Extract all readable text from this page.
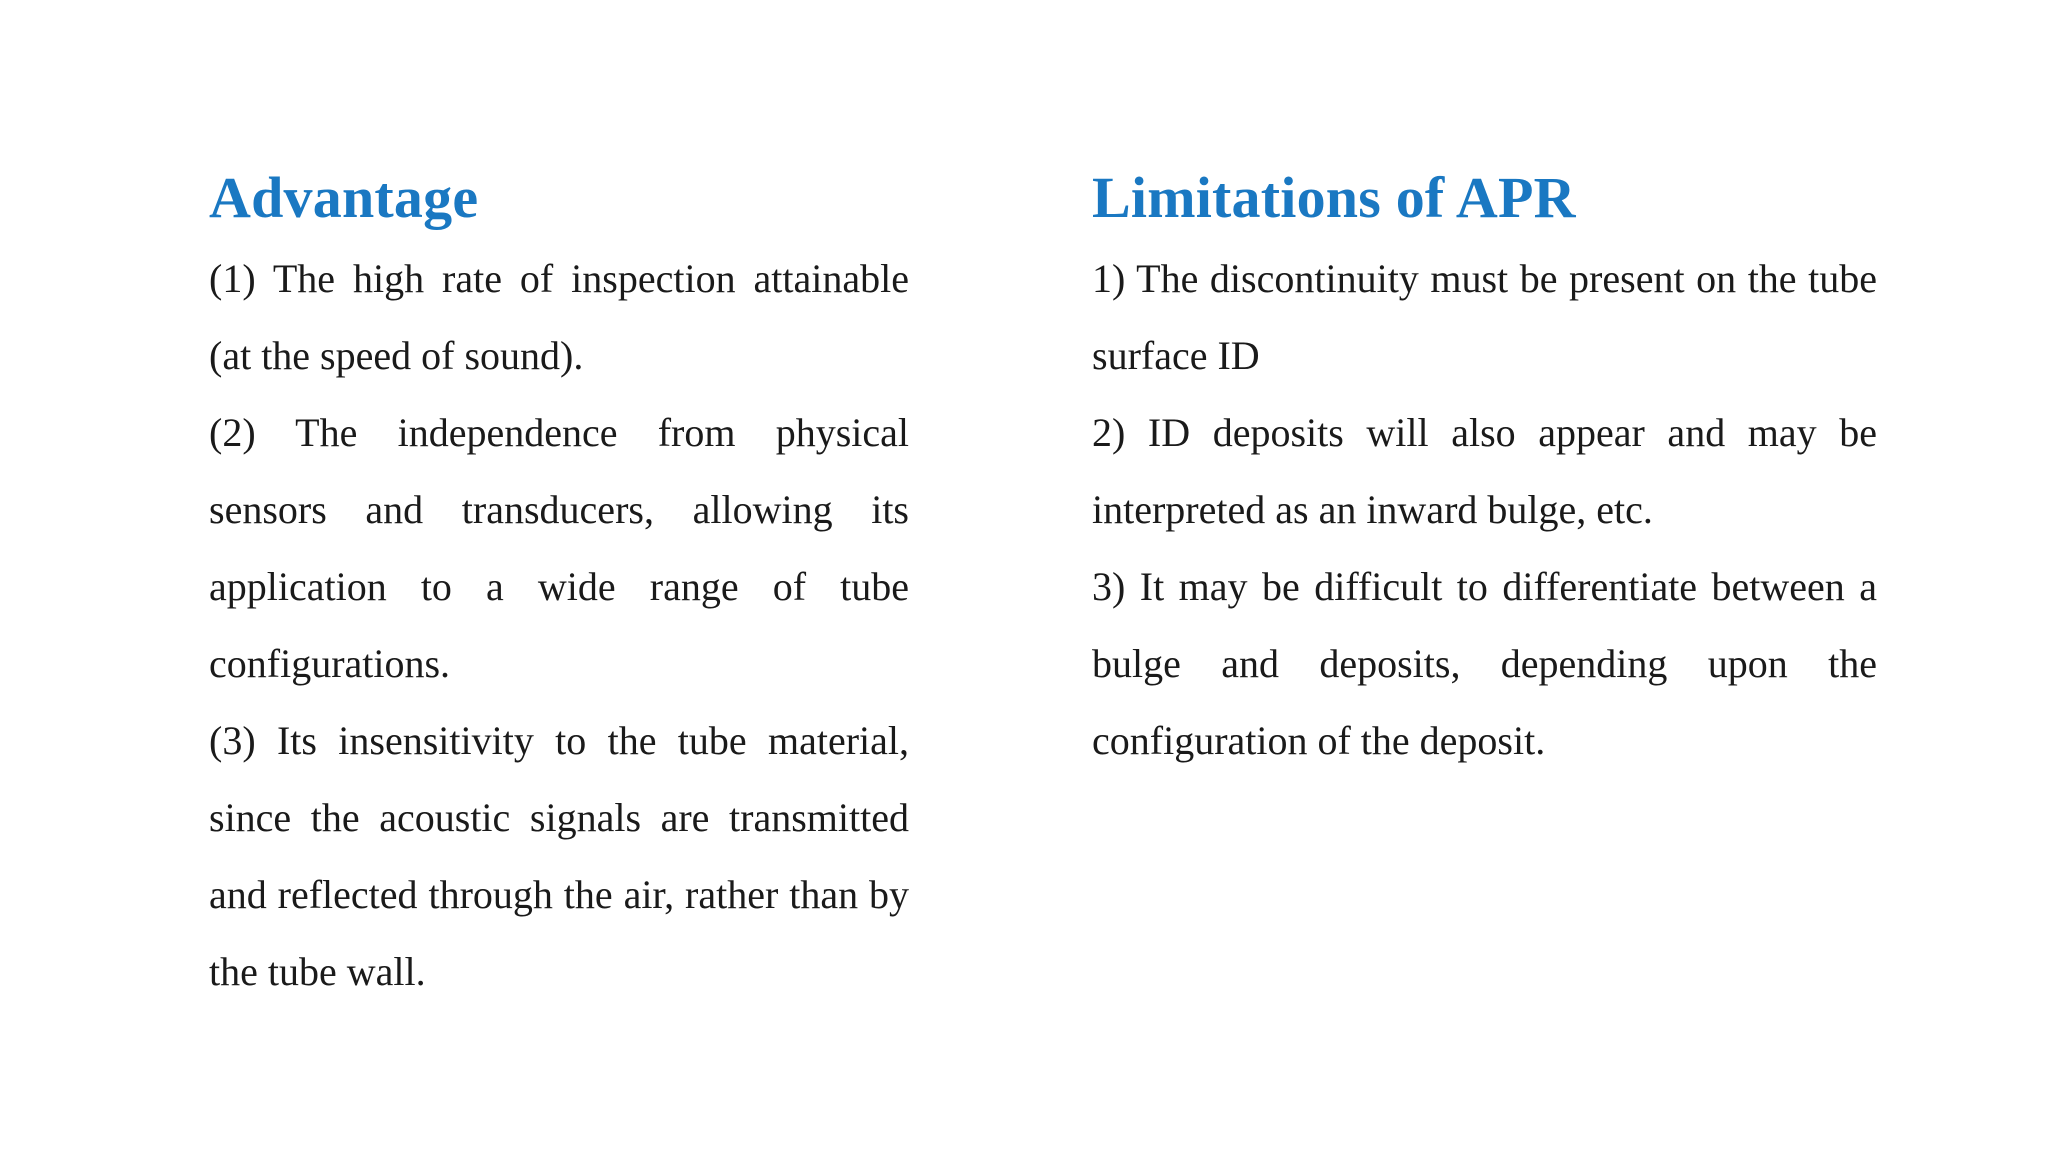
Advantage
(1) The high rate of inspection attainable (at the speed of sound).
(2) The independence from physical sensors and transducers, allowing its application to a wide range of tube configurations.
(3) Its insensitivity to the tube material, since the acoustic signals are transmitted and reflected through the air, rather than by the tube wall.
Limitations of APR
1) The discontinuity must be present on the tube surface ID
2) ID deposits will also appear and may be interpreted as an inward bulge, etc.
3) It may be difficult to differentiate between a bulge and deposits, depending upon the configuration of the deposit.
